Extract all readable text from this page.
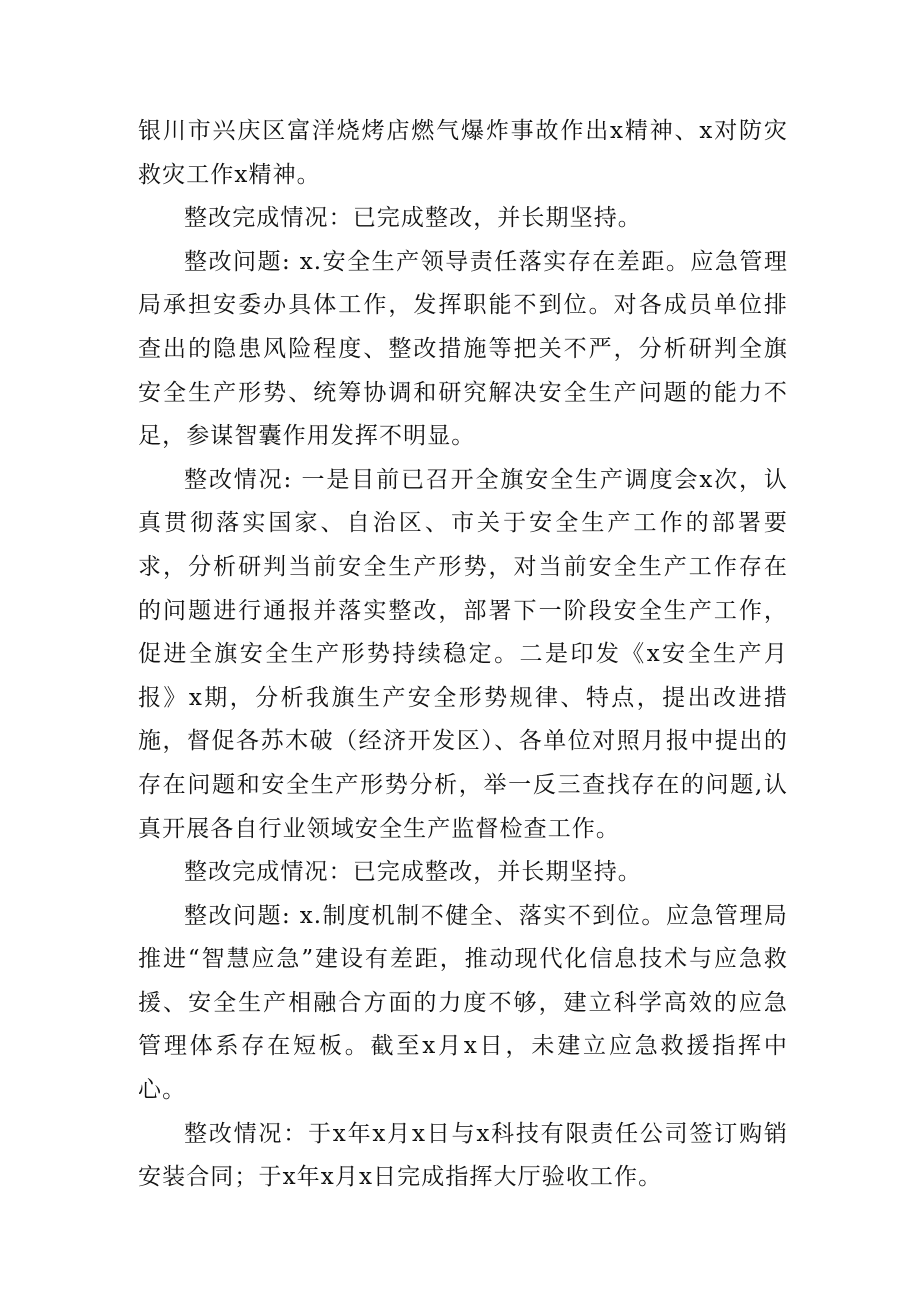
银川市兴庆区富洋烧烤店燃气爆炸事故作出x精神、x对防灾救灾工作x精神。

整改完成情况：已完成整改，并长期坚持。

整改问题: x.安全生产领导责任落实存在差距。应急管理局承担安委办具体工作，发挥职能不到位。对各成员单位排查出的隐患风险程度、整改措施等把关不严，分析研判全旗安全生产形势、统筹协调和研究解决安全生产问题的能力不足，参谋智囊作用发挥不明显。

整改情况: 一是目前已召开全旗安全生产调度会x次，认真贯彻落实国家、自治区、市关于安全生产工作的部署要求，分析研判当前安全生产形势，对当前安全生产工作存在的问题进行通报并落实整改，部署下一阶段安全生产工作，促进全旗安全生产形势持续稳定。二是印发《x安全生产月报》x期，分析我旗生产安全形势规律、特点，提出改进措施，督促各苏木破（经济开发区）、各单位对照月报中提出的存在问题和安全生产形势分析，举一反三查找存在的问题,认真开展各自行业领域安全生产监督检查工作。

整改完成情况：已完成整改，并长期坚持。

整改问题: x.制度机制不健全、落实不到位。应急管理局推进“智慧应急”建设有差距，推动现代化信息技术与应急救援、安全生产相融合方面的力度不够，建立科学高效的应急管理体系存在短板。截至x月x日，未建立应急救援指挥中心。

整改情况：于x年x月x日与x科技有限责任公司签订购销安装合同；于x年x月x日完成指挥大厅验收工作。
